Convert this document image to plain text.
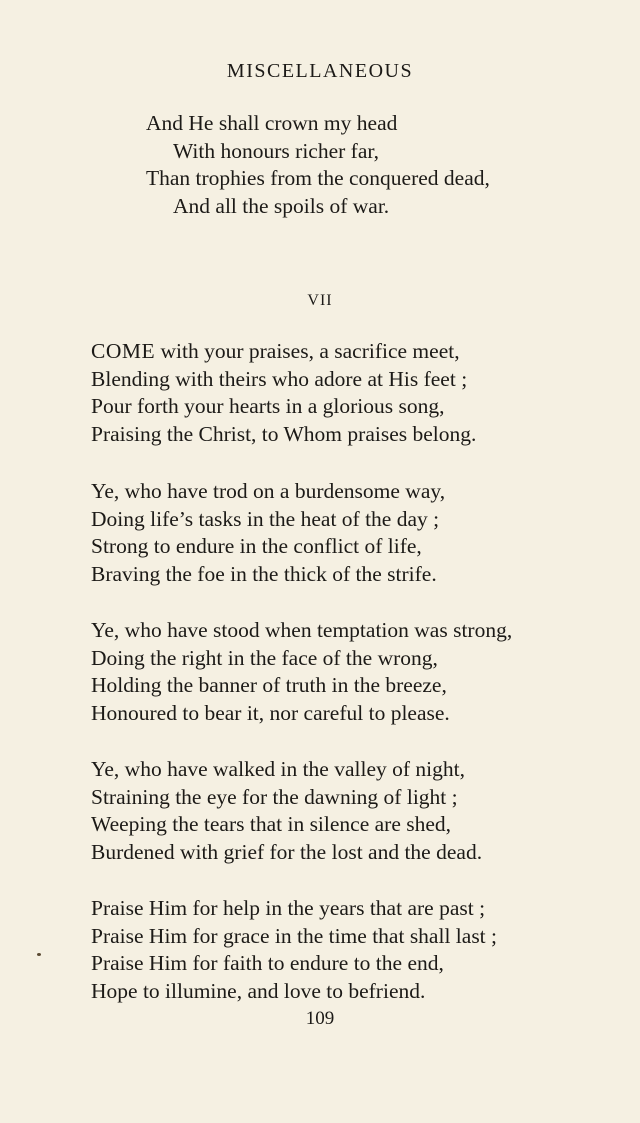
MISCELLANEOUS
And He shall crown my head
With honours richer far,
Than trophies from the conquered dead,
And all the spoils of war.
VII
COME with your praises, a sacrifice meet,
Blending with theirs who adore at His feet ;
Pour forth your hearts in a glorious song,
Praising the Christ, to Whom praises belong.
Ye, who have trod on a burdensome way,
Doing life’s tasks in the heat of the day ;
Strong to endure in the conflict of life,
Braving the foe in the thick of the strife.
Ye, who have stood when temptation was strong,
Doing the right in the face of the wrong,
Holding the banner of truth in the breeze,
Honoured to bear it, nor careful to please.
Ye, who have walked in the valley of night,
Straining the eye for the dawning of light ;
Weeping the tears that in silence are shed,
Burdened with grief for the lost and the dead.
Praise Him for help in the years that are past ;
Praise Him for grace in the time that shall last ;
Praise Him for faith to endure to the end,
Hope to illumine, and love to befriend.
109
